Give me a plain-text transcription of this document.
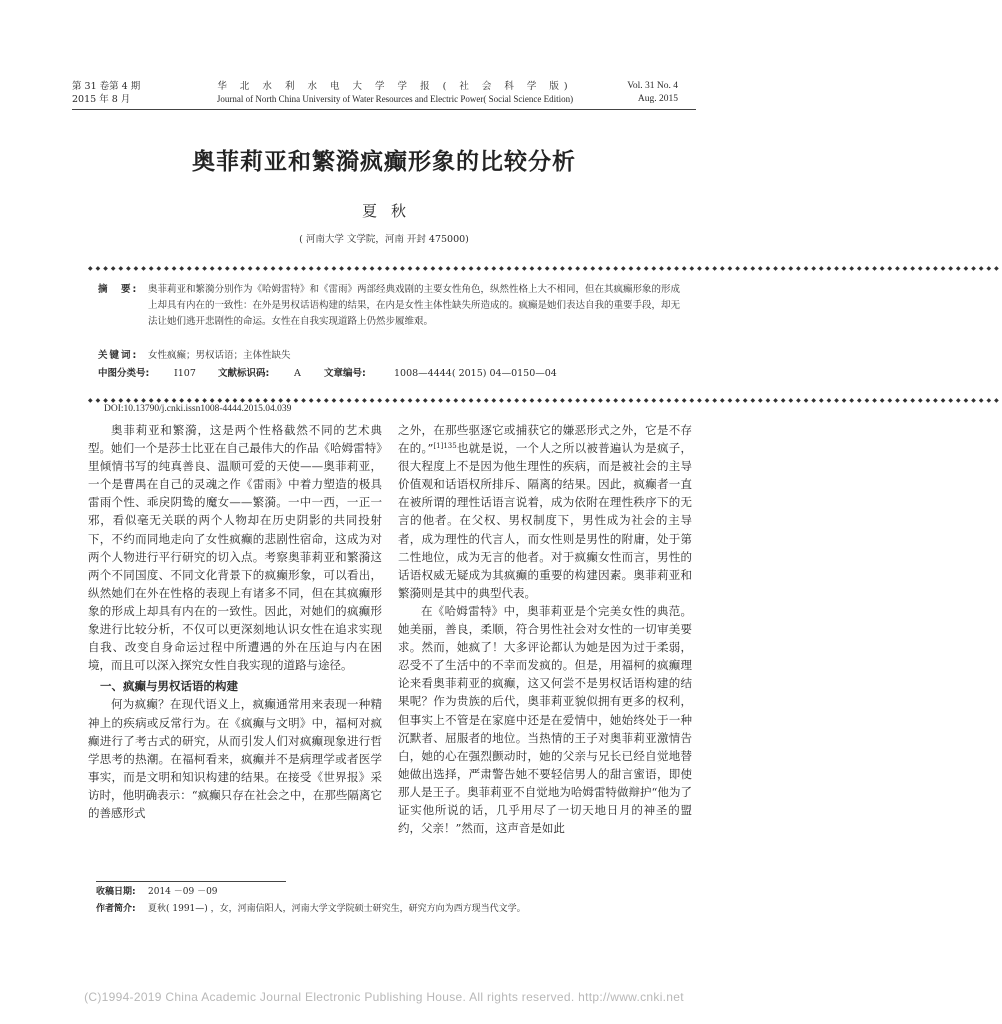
第 31 卷第 4 期
2015 年 8 月
华 北 水 利 水 电 大 学 学 报 ( 社 会 科 学 版)
Journal of North China University of Water Resources and Electric Power( Social Science Edition)
Vol. 31 No. 4
Aug. 2015
奥菲莉亚和繁漪疯癫形象的比较分析
夏秋
( 河南大学 文学院，河南 开封 475000)
◆◆◆◆◆◆◆◆◆◆◆◆◆◆◆◆◆◆◆◆◆◆◆◆◆◆◆◆◆◆◆◆◆◆◆◆◆◆◆◆◆◆◆◆◆◆◆◆◆◆◆◆◆◆◆◆◆◆◆◆◆◆◆◆◆◆◆◆◆◆◆◆◆◆◆◆◆◆◆◆◆◆◆◆◆◆◆◆◆◆◆◆◆◆◆◆◆◆◆◆◆◆◆◆◆◆◆◆◆◆◆◆◆◆◆◆◆◆◆◆
摘　要:	奥菲莉亚和繁漪分别作为《哈姆雷特》和《雷雨》两部经典戏剧的主要女性角色，纵然性格上大不相同，但在其疯癫形象的形成上却具有内在的一致性：在外是男权话语构建的结果，在内是女性主体性缺失所造成的。疯癫是她们表达自我的重要手段，却无法让她们逃开悲剧性的命运。女性在自我实现道路上仍然步履维艰。
关键词:	女性疯癫；男权话语；主体性缺失
中图分类号:	I107 文献标识码:	A 文章编号:	1008—4444( 2015) 04—0150—04
◆◆◆◆◆◆◆◆◆◆◆◆◆◆◆◆◆◆◆◆◆◆◆◆◆◆◆◆◆◆◆◆◆◆◆◆◆◆◆◆◆◆◆◆◆◆◆◆◆◆◆◆◆◆◆◆◆◆◆◆◆◆◆◆◆◆◆◆◆◆◆◆◆◆◆◆◆◆◆◆◆◆◆◆◆◆◆◆◆◆◆◆◆◆◆◆◆◆◆◆◆◆◆◆◆◆◆◆◆◆◆◆◆◆◆◆◆◆◆◆
DOI:10.13790/j.cnki.issn1008-4444.2015.04.039

奥菲莉亚和繁漪，这是两个性格截然不同的艺术典型。她们一个是莎士比亚在自己最伟大的作品《哈姆雷特》里倾情书写的纯真善良、温顺可爱的天使——奥菲莉亚，一个是曹禺在自己的灵魂之作《雷雨》中着力塑造的极具雷雨个性、乖戾阴鸷的魔女——繁漪。一中一西，一正一邪，看似毫无关联的两个人物却在历史阴影的共同投射下，不约而同地走向了女性疯癫的悲剧性宿命，这成为对两个人物进行平行研究的切入点。考察奥菲莉亚和繁漪这两个不同国度、不同文化背景下的疯癫形象，可以看出，纵然她们在外在性格的表现上有诸多不同，但在其疯癫形象的形成上却具有内在的一致性。因此，对她们的疯癫形象进行比较分析，不仅可以更深刻地认识女性在追求实现自我、改变自身命运过程中所遭遇的外在压迫与内在困境，而且可以深入探究女性自我实现的道路与途径。

一、疯癫与男权话语的构建

何为疯癫？在现代语义上，疯癫通常用来表现一种精神上的疾病或反常行为。在《疯癫与文明》中，福柯对疯癫进行了考古式的研究，从而引发人们对疯癫现象进行哲学思考的热潮。在福柯看来，疯癫并不是病理学或者医学事实，而是文明和知识构建的结果。在接受《世界报》采访时，他明确表示：“疯癫只存在社会之中，在那些隔离它的善感形式

之外，在那些驱逐它或捕获它的嫌恶形式之外，它是不存在的。”$^{[1]135}$也就是说，一个人之所以被普遍认为是疯子，很大程度上不是因为他生理性的疾病，而是被社会的主导价值观和话语权所排斥、隔离的结果。因此，疯癫者一直在被所谓的理性话语言说着，成为依附在理性秩序下的无言的他者。在父权、男权制度下，男性成为社会的主导者，成为理性的代言人，而女性则是男性的附庸，处于第二性地位，成为无言的他者。对于疯癫女性而言，男性的话语权威无疑成为其疯癫的重要的构建因素。奥菲莉亚和繁漪则是其中的典型代表。

在《哈姆雷特》中，奥菲莉亚是个完美女性的典范。她美丽，善良，柔顺，符合男性社会对女性的一切审美要求。然而，她疯了！大多评论都认为她是因为过于柔弱，忍受不了生活中的不幸而发疯的。但是，用福柯的疯癫理论来看奥菲莉亚的疯癫，这又何尝不是男权话语构建的结果呢？作为贵族的后代，奥菲莉亚貌似拥有更多的权利，但事实上不管是在家庭中还是在爱情中，她始终处于一种沉默者、屈服者的地位。当热情的王子对奥菲莉亚激情告白，她的心在强烈颤动时，她的父亲与兄长已经自觉地替她做出选择，严肃警告她不要轻信男人的甜言蜜语，即使那人是王子。奥菲莉亚不自觉地为哈姆雷特做辩护“他为了证实他所说的话，几乎用尽了一切天地日月的神圣的盟约，父亲！”然而，这声音是如此

收稿日期: 2014 －09 －09
作者简介: 夏秋( 1991—) ，女，河南信阳人，河南大学文学院硕士研究生，研究方向为西方现当代文学。
(C)1994-2019 China Academic Journal Electronic Publishing House. All rights reserved. http://www.cnki.net
